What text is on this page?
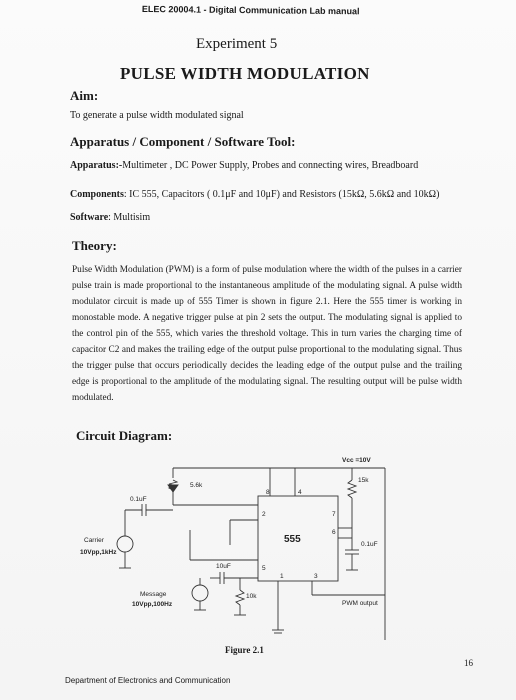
ELEC 20004.1 - Digital Communication Lab manual
Experiment 5
PULSE WIDTH MODULATION
Aim:
To generate a pulse width modulated signal
Apparatus / Component / Software Tool:
Apparatus:-Multimeter , DC Power Supply, Probes and connecting wires, Breadboard
Components: IC 555, Capacitors ( 0.1μF and 10μF) and Resistors (15kΩ, 5.6kΩ and 10kΩ)
Software: Multisim
Theory:
Pulse Width Modulation (PWM) is a form of pulse modulation where the width of the pulses in a carrier pulse train is made proportional to the instantaneous amplitude of the modulating signal. A pulse width modulator circuit is made up of 555 Timer is shown in figure 2.1. Here the 555 timer is working in monostable mode. A negative trigger pulse at pin 2 sets the output. The modulating signal is applied to the control pin of the 555, which varies the threshold voltage. This in turn varies the charging time of capacitor C2 and makes the trailing edge of the output pulse proportional to the modulating signal. Thus the trigger pulse that occurs periodically decides the leading edge of the output pulse and the trailing edge is proportional to the amplitude of the modulating signal. The resulting output will be pulse width modulated.
Circuit Diagram:
8	4
2	7
6
5
1	3
555
Vcc =10V
15k
5.6k
10k
0.1uF
10uF
0.1uF
Carrier
10Vpp,1kHz
Message
10Vpp,100Hz	PWM output
Figure 2.1
16
Department of Electronics and Communication
